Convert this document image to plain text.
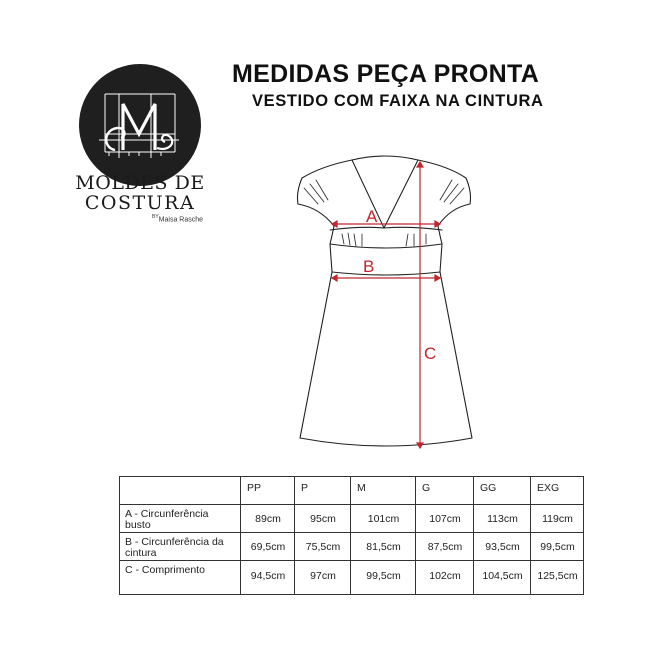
MOLDES DE
COSTURA
$^{BY}$Maisa Rasche
MEDIDAS PEÇA PRONTA
VESTIDO COM FAIXA NA CINTURA
A
B
C

	PP	P	M	G	GG	EXG

A - Circunferência busto	89cm	95cm	101cm	107cm	113cm	119cm

B - Circunferência da cintura	69,5cm	75,5cm	81,5cm	87,5cm	93,5cm	99,5cm

C - Comprimento	94,5cm	97cm	99,5cm	102cm	104,5cm	125,5cm
